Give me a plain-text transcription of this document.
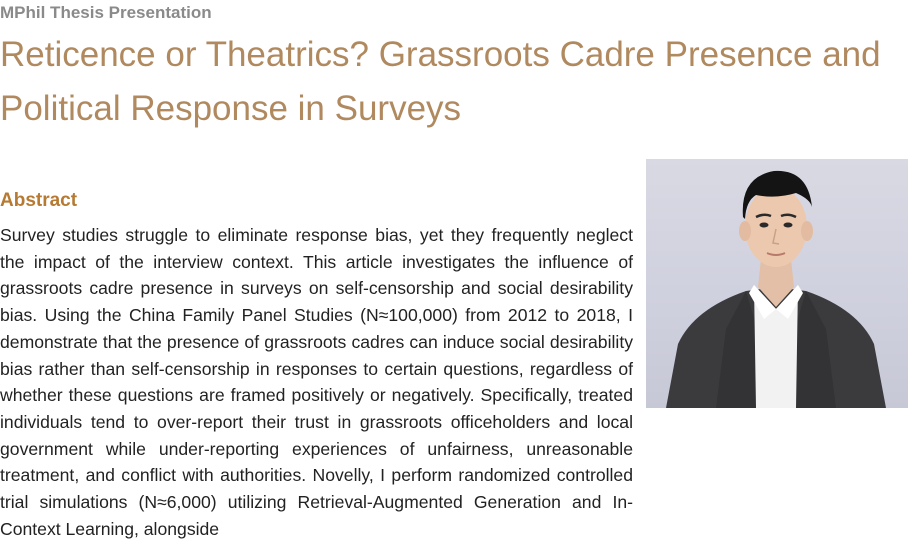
MPhil Thesis Presentation
Reticence or Theatrics? Grassroots Cadre Presence and Political Response in Surveys
Abstract

Survey studies struggle to eliminate response bias, yet they frequently neglect the impact of the interview context. This article investigates the influence of grassroots cadre presence in surveys on self-censorship and social desirability bias. Using the China Family Panel Studies (N≈100,000) from 2012 to 2018, I demonstrate that the presence of grassroots cadres can induce social desirability bias rather than self-censorship in responses to certain questions, regardless of whether these questions are framed positively or negatively. Specifically, treated individuals tend to over-report their trust in grassroots officeholders and local government while under-reporting experiences of unfairness, unreasonable treatment, and conflict with authorities. Novelly, I perform randomized controlled trial simulations (N≈6,000) utilizing Retrieval-Augmented Generation and In-Context Learning, alongside
